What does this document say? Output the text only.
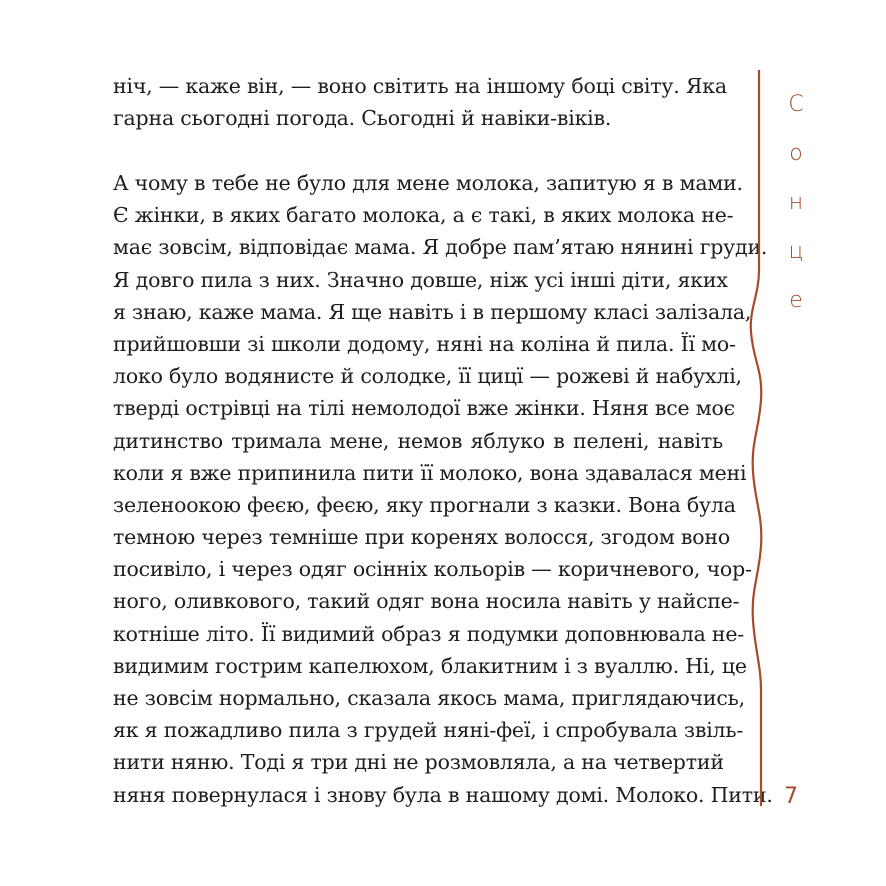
ніч, — каже він, — воно світить на іншому боці світу. Яка
гарна сьогодні погода. Сьогодні й навіки-віків.
А чому в тебе не було для мене молока, запитую я в мами.
Є жінки, в яких багато молока, а є такі, в яких молока не-
має зовсім, відповідає мама. Я добре пам’ятаю нянині груди.
Я довго пила з них. Значно довше, ніж усі інші діти, яких
я знаю, каже мама. Я ще навіть і в першому класі залізала,
прийшовши зі школи додому, няні на коліна й пила. Її мо-
локо було водянисте й солодке, її цицї — рожеві й набухлі,
тверді острівці на тілі немолодої вже жінки. Няня все моє
дитинство тримала мене, немов яблуко в пелені, навіть
коли я вже припинила пити її молоко, вона здавалася мені
зеленоокою феєю, феєю, яку прогнали з казки. Вона була
темною через темніше при коренях волосся, згодом воно
посивіло, і через одяг осінніх кольорів — коричневого, чор-
ного, оливкового, такий одяг вона носила навіть у найспе-
котніше літо. Її видимий образ я подумки доповнювала не-
видимим гострим капелюхом, блакитним і з вуаллю. Ні, це
не зовсім нормально, сказала якось мама, приглядаючись,
як я пожадливо пила з грудей няні-феї, і спробувала звіль-
нити няню. Тоді я три дні не розмовляла, а на четвертий
няня повернулася і знову була в нашому домі. Молоко. Пити.
С
о
н
ц
е
7
